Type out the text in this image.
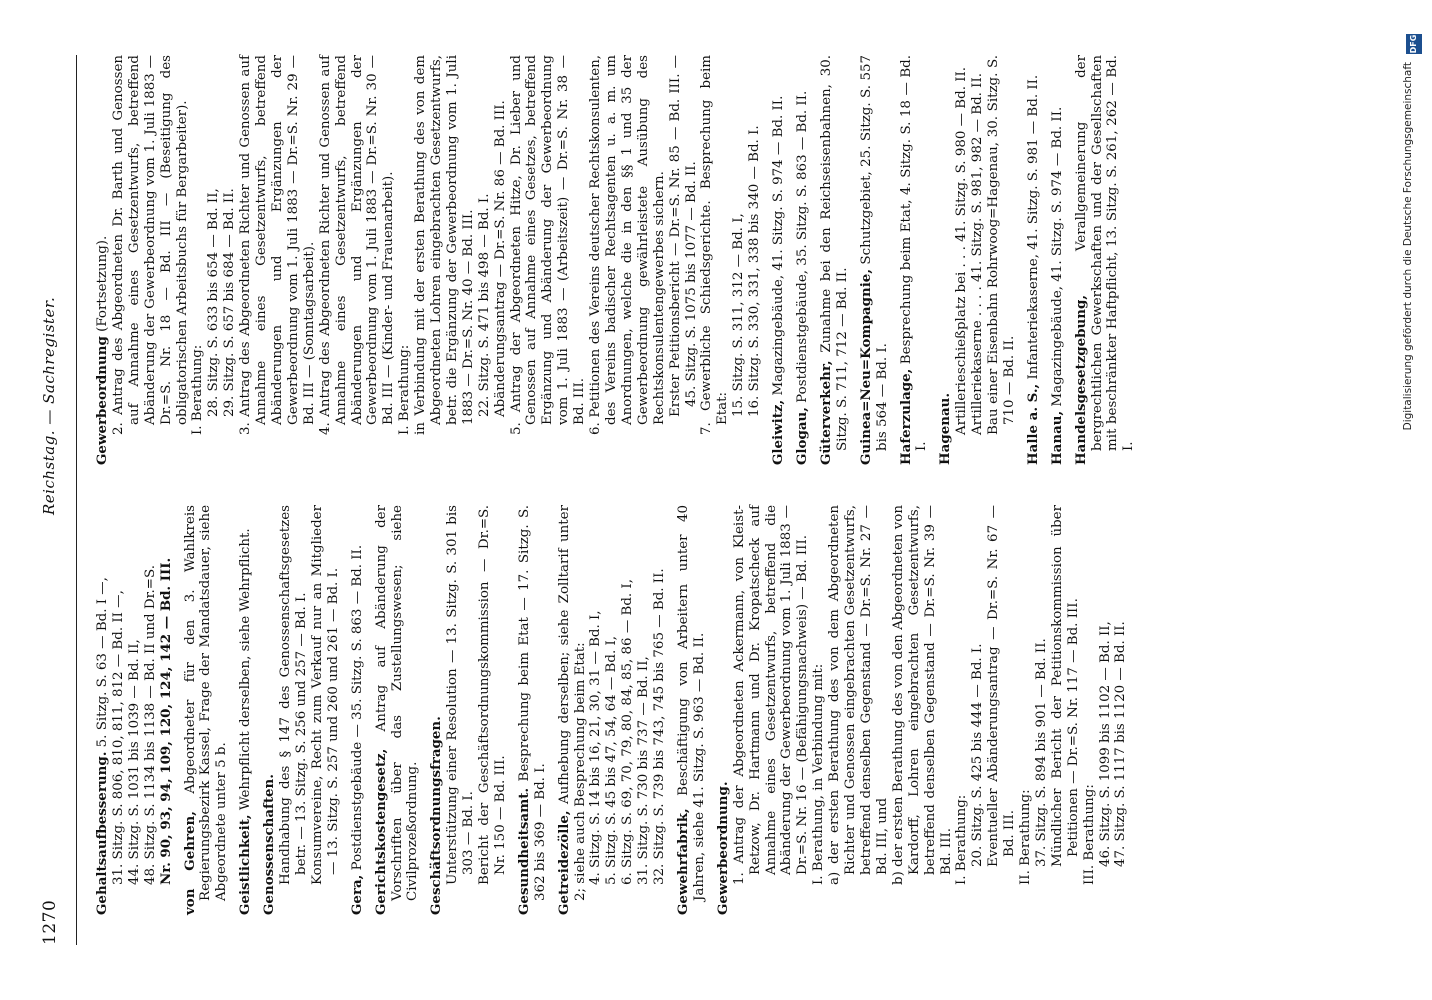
1270
Reichstag. — Sachregister.
Gehaltsaufbesserung. 5. Sitzg. S. 63 — Bd. I —, 31. Sitzg. S. 806, 810, 811, 812 — Bd. II —, 44. Sitzg. S. 1031 bis 1039 — Bd. II, 48. Sitzg. S. 1134 bis 1138 — Bd. II und Dr.=S. Nr. 90, 93, 94, 109, 120, 124, 142 — Bd. III. von Gehren, Abgeordneter für den 3. Wahlkreis Regierungsbezirk Kassel, Frage der Mandatsdauer, siehe Abgeordnete unter 5 b. Geistlichkeit, Wehrpflicht derselben, siehe Wehrpflicht.
Genossenschaften. Handhabung des § 147 des Genossenschaftsgesetzes betr. — 13. Sitzg. S. 256 und 257 — Bd. I. Konsumvereine, Recht zum Verkauf nur an Mitglieder — 13. Sitzg. S. 257 und 260 und 261 — Bd. I.
Gera, Postdienstgebäude — 35. Sitzg. S. 863 — Bd. II. Gerichtskostengesetz, Antrag auf Abänderung der Vorschriften über das Zustellungswesen; siehe Civilprozeßordnung. Geschäftsordnungsfragen. Unterstützung einer Resolution — 13. Sitzg. S. 301 bis 303 — Bd. I. Bericht der Geschäftsordnungskommission — Dr.=S. Nr. 150 — Bd. III. Gesundheitsamt. Besprechung beim Etat — 17. Sitzg. S. 362 bis 369 — Bd. I. Getreidezölle, Aufhebung derselben; siehe Zolltarif unter 2; siehe auch Besprechung beim Etat: 4. Sitzg. S. 14 bis 16, 21, 30, 31 — Bd. I, 5. Sitzg. S. 45 bis 47, 54, 64 — Bd. I, 6. Sitzg. S. 69, 70, 79, 80, 84, 85, 86 — Bd. I, 31. Sitzg. S. 730 bis 737 — Bd. II, 32. Sitzg. S. 739 bis 743, 745 bis 765 — Bd. II. Gewehrfabrik, Beschäftigung von Arbeitern unter 40 Jahren, siehe 41. Sitzg. S. 963 — Bd. II. Gewerbeordnung. 1. Antrag der Abgeordneten Ackermann, von Kleist-Retzow, Dr. Hartmann und Dr. Kropatscheck auf Annahme eines Gesetzentwurfs, betreffend die Abänderung der Gewerbeordnung vom 1. Juli 1883 — Dr.=S. Nr. 16 — (Befähigungsnachweis) — Bd. III. I. Berathung, in Verbindung mit: a) der ersten Berathung des von dem Abgeordneten Richter und Genossen eingebrachten Gesetzentwurfs, betreffend denselben Gegenstand — Dr.=S. Nr. 27 — Bd. III, und b) der ersten Berathung des von den Abgeordneten von Kardorff, Lohren eingebrachten Gesetzentwurfs, betreffend denselben Gegenstand — Dr.=S. Nr. 39 — Bd. III. I. Berathung: 20. Sitzg. S. 425 bis 444 — Bd. I. Eventueller Abänderungsantrag — Dr.=S. Nr. 67 — Bd. III. II. Berathung: 37. Sitzg. S. 894 bis 901 — Bd. II. Mündlicher Bericht der Petitionskommission über Petitionen — Dr.=S. Nr. 117 — Bd. III. III. Berathung: 46. Sitzg. S. 1099 bis 1102 — Bd. II, 47. Sitzg. S. 1117 bis 1120 — Bd. II.
Gewerbeordnung (Fortsetzung). 2. Antrag des Abgeordneten Dr. Barth und Genossen auf Annahme eines Gesetzentwurfs, betreffend Abänderung der Gewerbeordnung vom 1. Juli 1883 — Dr.=S. Nr. 18 — Bd. III — (Beseitigung des obligatorischen Arbeitsbuchs für Bergarbeiter). I. Berathung: 28. Sitzg. S. 633 bis 654 — Bd. II, 29. Sitzg. S. 657 bis 684 — Bd. II. 3. Antrag des Abgeordneten Richter und Genossen auf Annahme eines Gesetzentwurfs, betreffend Abänderungen und Ergänzungen der Gewerbeordnung vom 1. Juli 1883 — Dr.=S. Nr. 29 — Bd. III — (Sonntagsarbeit). 4. Antrag des Abgeordneten Richter und Genossen auf Annahme eines Gesetzentwurfs, betreffend Abänderungen und Ergänzungen der Gewerbeordnung vom 1. Juli 1883 — Dr.=S. Nr. 30 — Bd. III — (Kinder- und Frauenarbeit). I. Berathung: in Verbindung mit der ersten Berathung des von dem Abgeordneten Lohren eingebrachten Gesetzentwurfs, betr. die Ergänzung der Gewerbeordnung vom 1. Juli 1883 — Dr.=S. Nr. 40 — Bd. III. 22. Sitzg. S. 471 bis 498 — Bd. I. Abänderungsantrag — Dr.=S. Nr. 86 — Bd. III. 5. Antrag der Abgeordneten Hitze, Dr. Lieber und Genossen auf Annahme eines Gesetzes, betreffend Ergänzung und Abänderung der Gewerbeordnung vom 1. Juli 1883 — (Arbeitszeit) — Dr.=S. Nr. 38 — Bd. III. 6. Petitionen des Vereins deutscher Rechtskonsulenten, des Vereins badischer Rechtsagenten u. a. m. um Anordnungen, welche die in den §§ 1 und 35 der Gewerbeordnung gewährleistete Ausübung des Rechtskonsulentengewerbes sichern. Erster Petitionsbericht — Dr.=S. Nr. 85 — Bd. III. — 45. Sitzg. S. 1075 bis 1077 — Bd. II. 7. Gewerbliche Schiedsgerichte. Besprechung beim Etat: 15. Sitzg. S. 311, 312 — Bd. I, 16. Sitzg. S. 330, 331, 338 bis 340 — Bd. I.
Gleiwitz, Magazingebäude, 41. Sitzg. S. 974 — Bd. II.
Glogau, Postdienstgebäude, 35. Sitzg. S. 863 — Bd. II.
Güterverkehr, Zunahme bei den Reichseisenbahnen, 30. Sitzg. S. 711, 712 — Bd. II. Guinea=Neu=Kompagnie, Schutzgebiet, 25. Sitzg. S. 557 bis 564 — Bd. I. Haferzulage, Besprechung beim Etat, 4. Sitzg. S. 18 — Bd. I. Hagenau. Artillerieschießplatz bei . . . 41. Sitzg. S. 980 — Bd. II. Artilleriekaserne . . . . 41. Sitzg. S. 981, 982 — Bd. II. Bau einer Eisenbahn Rohrwoog=Hagenau, 30. Sitzg. S. 710 — Bd. II. Halle a. S., Infanteriekaserne, 41. Sitzg. S. 981 — Bd. II.
Hanau, Magazingebäude, 41. Sitzg. S. 974 — Bd. II. Handelsgesetzgebung, Verallgemeinerung der bergrechtlichen Gewerkschaften und der Gesellschaften mit beschränkter Haftpflicht, 13. Sitzg. S. 261, 262 — Bd. I.
Digitalisierung gefördert durch die Deutsche Forschungsgemeinschaft
DFG
